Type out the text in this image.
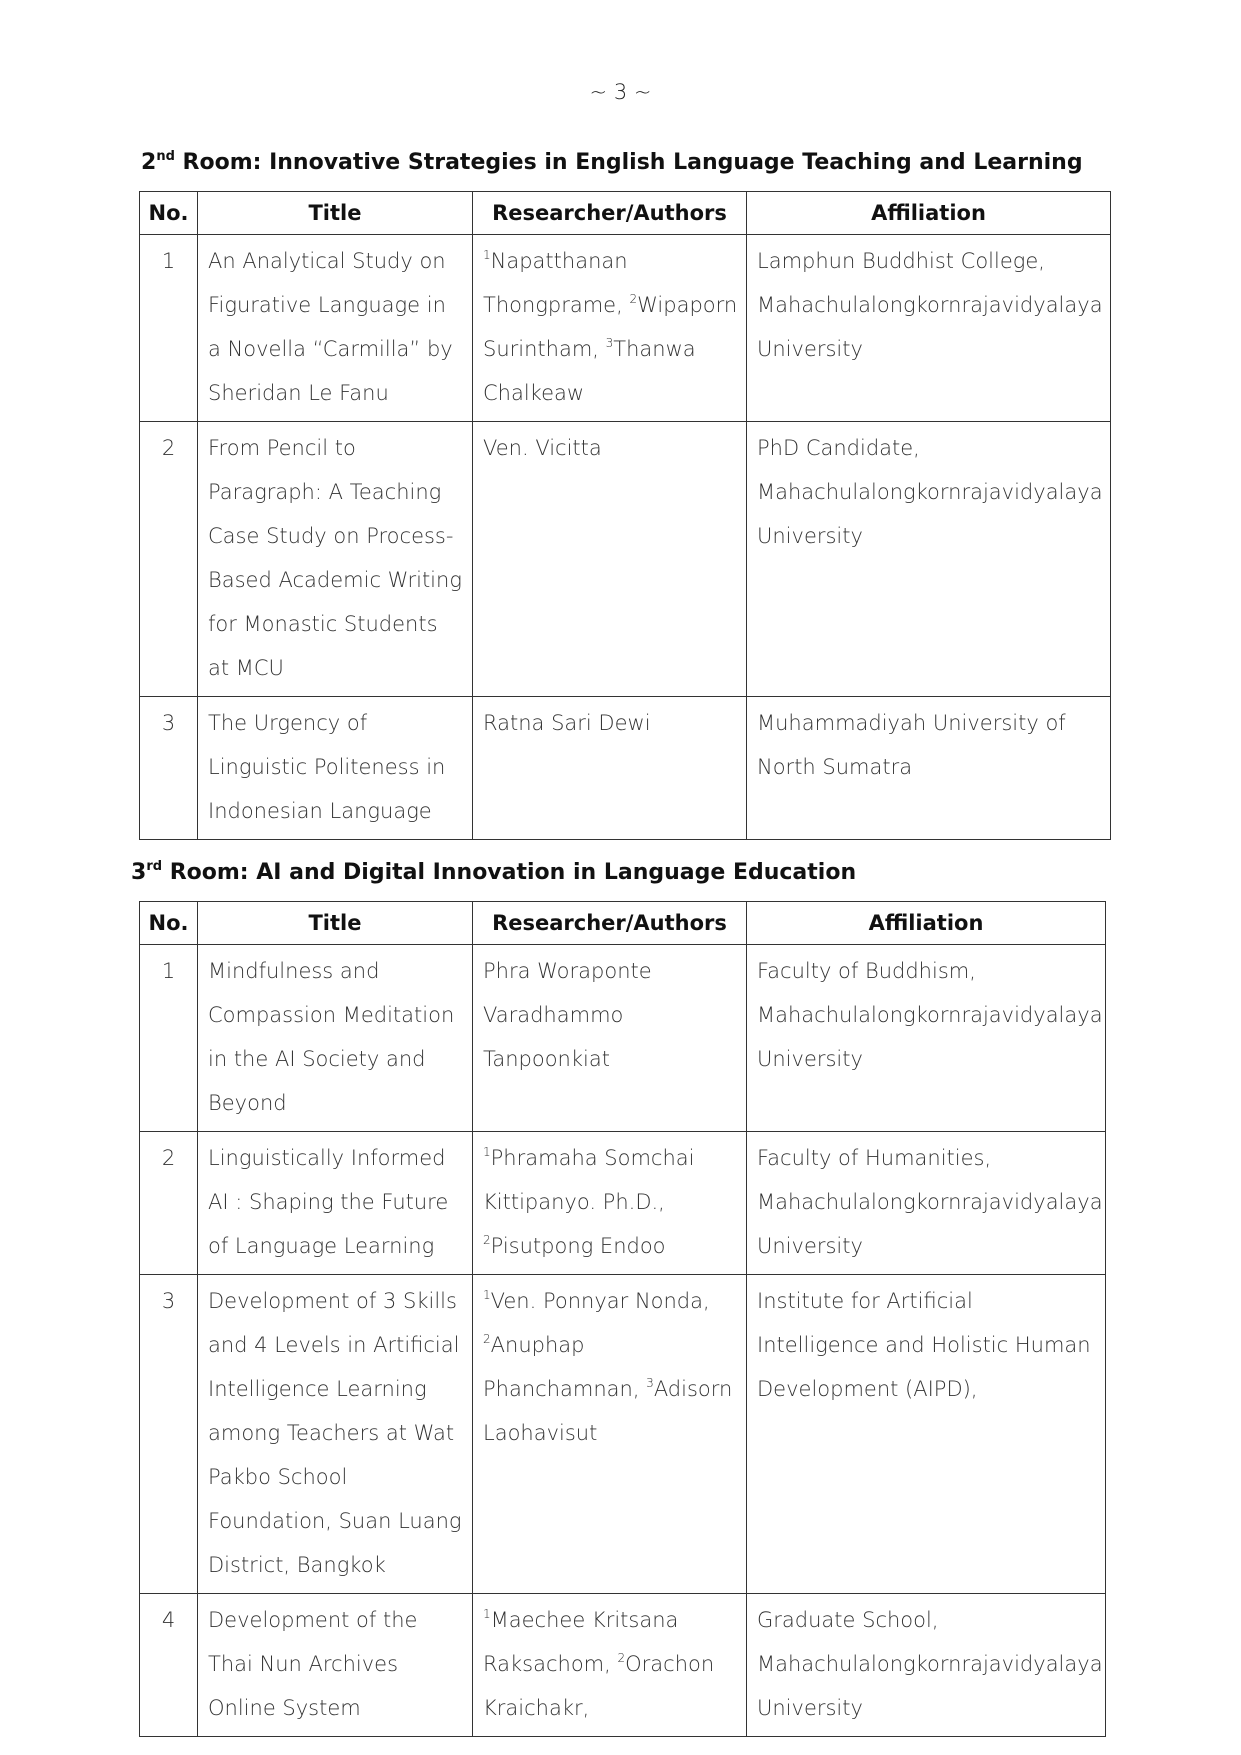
~ 3 ~
2nd Room: Innovative Strategies in English Language Teaching and Learning
No.	Title	Researcher/Authors	Affiliation
1	An Analytical Study on Figurative Language in a Novella “Carmilla” by Sheridan Le Fanu	$^1$Napatthanan Thongprame, $^2$Wipaporn Surintham, $^3$Thanwa Chalkeaw	Lamphun Buddhist College, Mahachulalongkornrajavidyalaya University
2	From Pencil to Paragraph: A Teaching Case Study on Process-Based Academic Writing for Monastic Students at MCU	Ven. Vicitta	PhD Candidate, Mahachulalongkornrajavidyalaya University
3	The Urgency of Linguistic Politeness in Indonesian Language	Ratna Sari Dewi	Muhammadiyah University of North Sumatra
3rd Room: AI and Digital Innovation in Language Education
No.	Title	Researcher/Authors	Affiliation
1	Mindfulness and Compassion Meditation in the AI Society and Beyond	Phra Woraponte Varadhammo Tanpoonkiat	Faculty of Buddhism, Mahachulalongkornrajavidyalaya University
2	Linguistically Informed AI : Shaping the Future of Language Learning	$^1$Phramaha Somchai Kittipanyo. Ph.D., $^2$Pisutpong Endoo	Faculty of Humanities, Mahachulalongkornrajavidyalaya University
3	Development of 3 Skills and 4 Levels in Artificial Intelligence Learning among Teachers at Wat Pakbo School Foundation, Suan Luang District, Bangkok	$^1$Ven. Ponnyar Nonda, $^2$Anuphap Phanchamnan, $^3$Adisorn Laohavisut	Institute for Artificial Intelligence and Holistic Human Development (AIPD),
4	Development of the Thai Nun Archives Online System	$^1$Maechee Kritsana Raksachom, $^2$Orachon Kraichakr,	Graduate School, Mahachulalongkornrajavidyalaya University
